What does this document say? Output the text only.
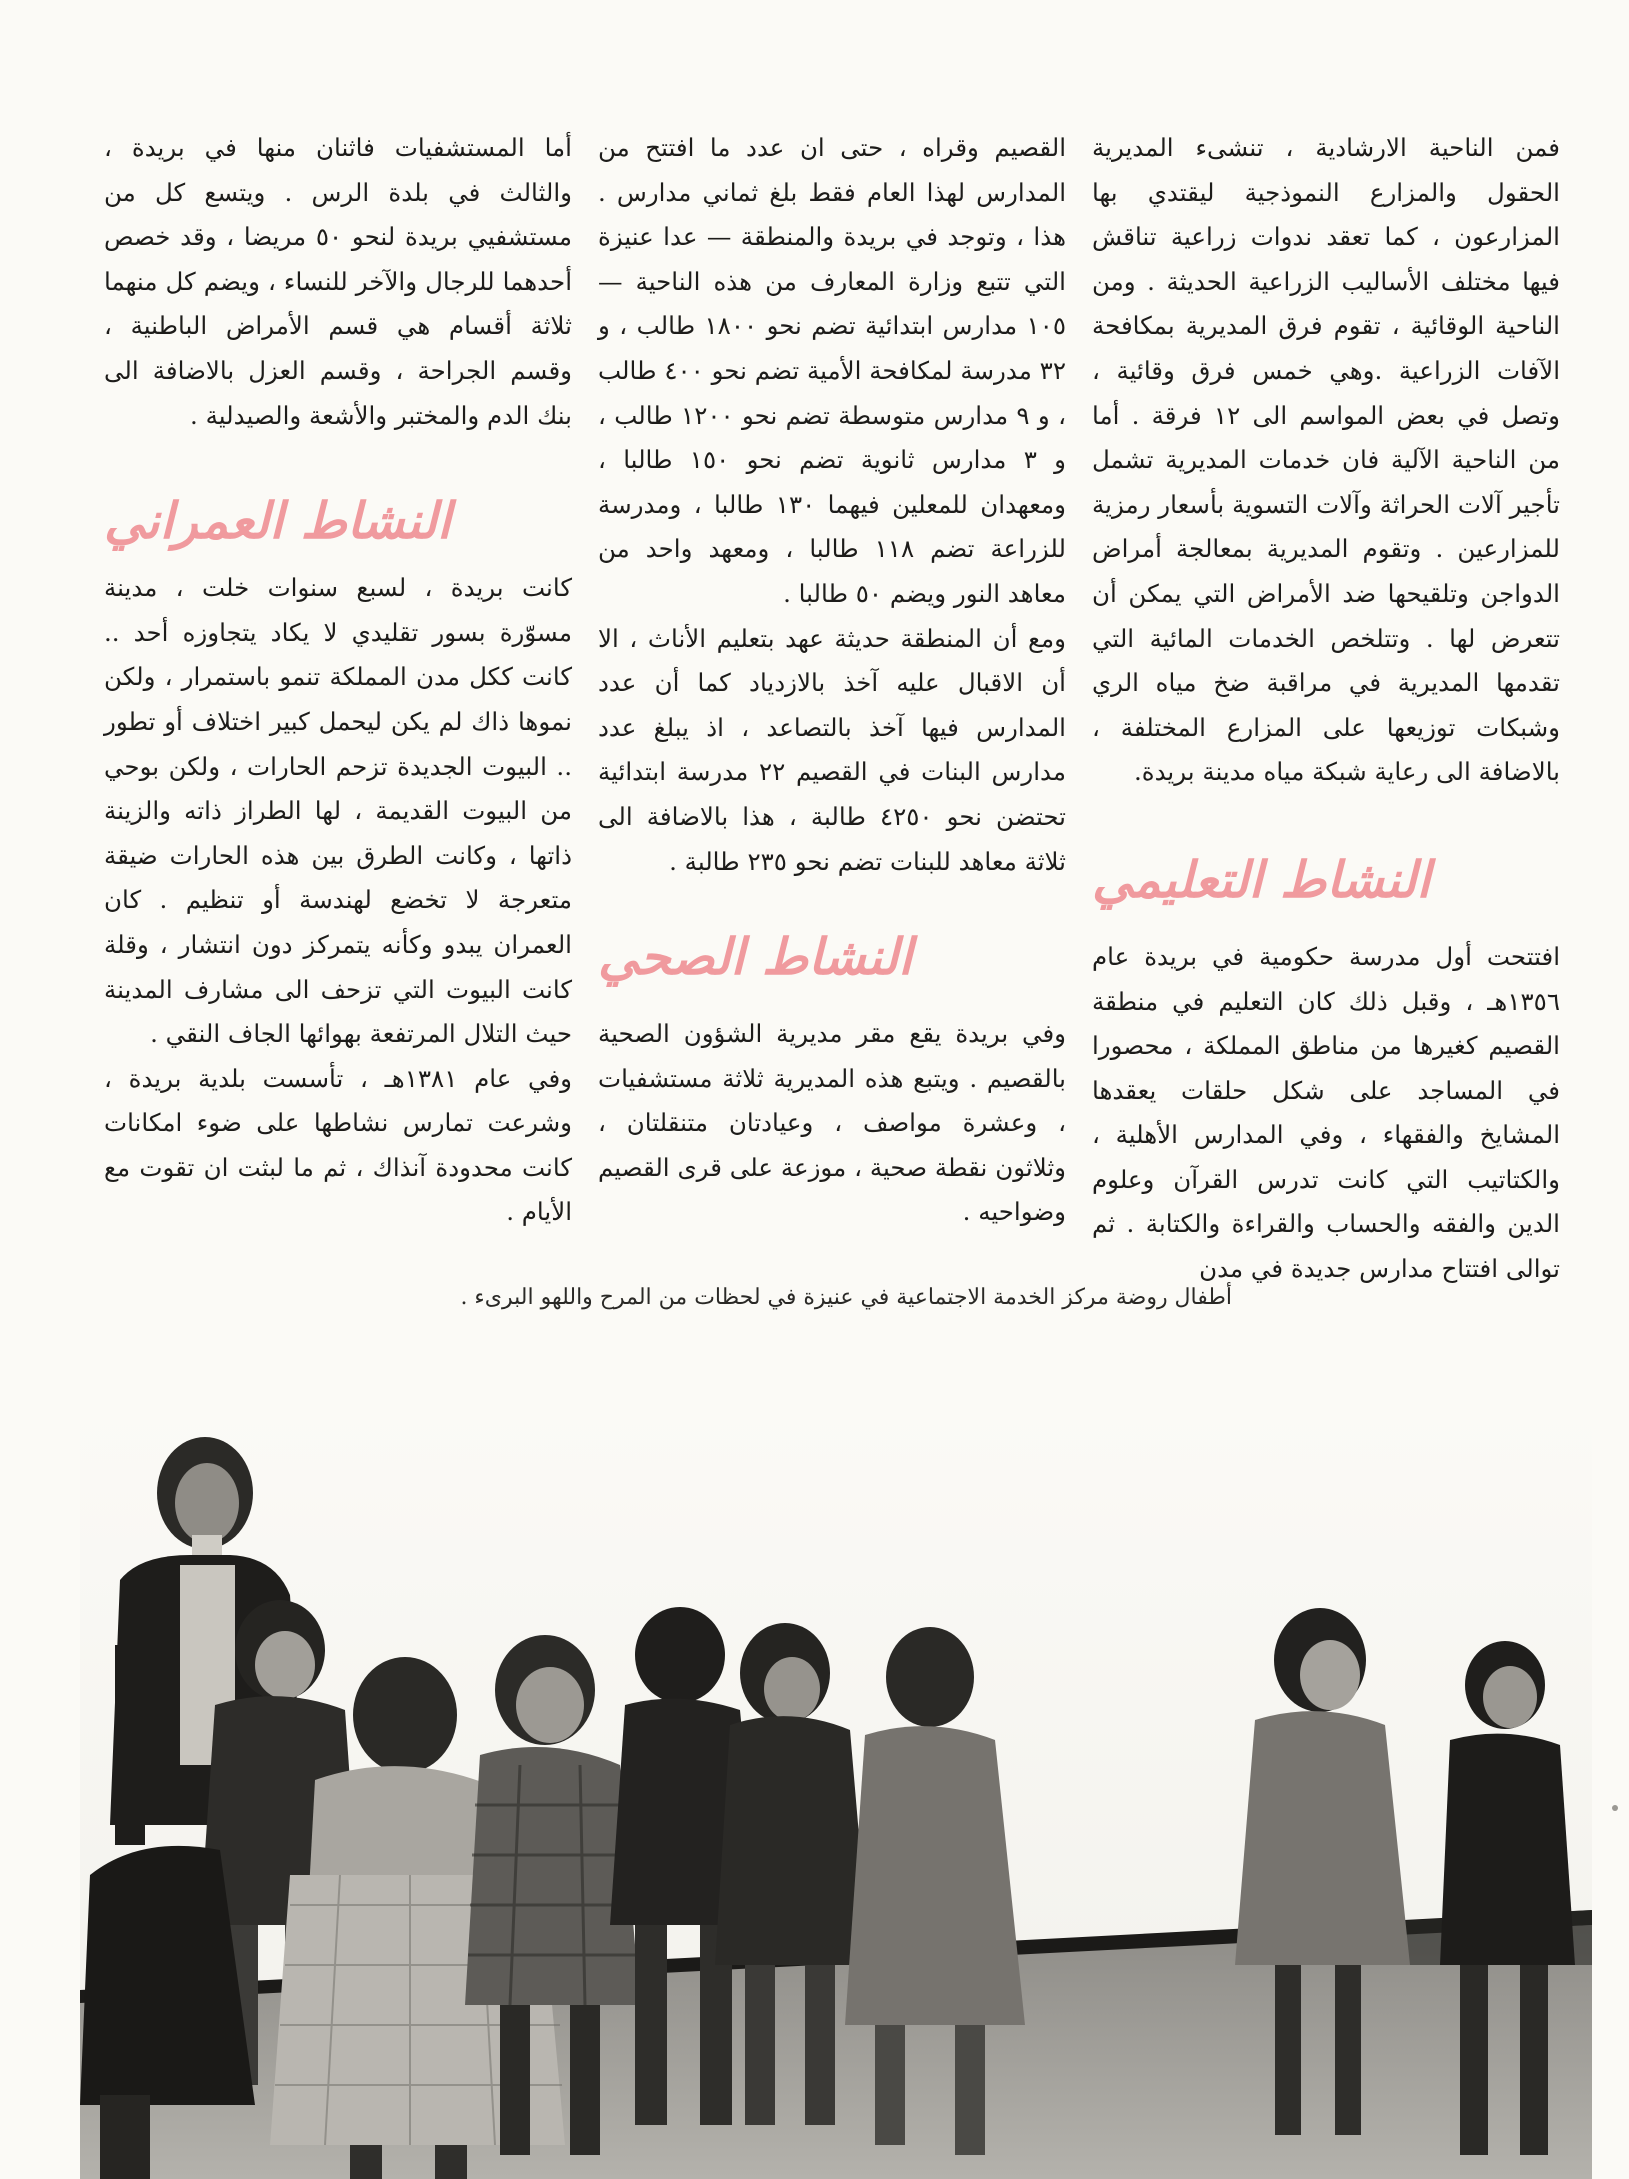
فمن الناحية الارشادية ، تنشىء المديرية الحقول والمزارع النموذجية ليقتدي بها المزارعون ، كما تعقد ندوات زراعية تناقش فيها مختلف الأساليب الزراعية الحديثة . ومن الناحية الوقائية ، تقوم فرق المديرية بمكافحة الآفات الزراعية .وهي خمس فرق وقائية ، وتصل في بعض المواسم الى ١٢ فرقة . أما من الناحية الآلية فان خدمات المديرية تشمل تأجير آلات الحراثة وآلات التسوية بأسعار رمزية للمزارعين . وتقوم المديرية بمعالجة أمراض الدواجن وتلقيحها ضد الأمراض التي يمكن أن تتعرض لها . وتتلخص الخدمات المائية التي تقدمها المديرية في مراقبة ضخ مياه الري وشبكات توزيعها على المزارع المختلفة ، بالاضافة الى رعاية شبكة مياه مدينة بريدة.

النشاط التعليمي

افتتحت أول مدرسة حكومية في بريدة عام ١٣٥٦هـ ، وقبل ذلك كان التعليم في منطقة القصيم كغيرها من مناطق المملكة ، محصورا في المساجد على شكل حلقات يعقدها المشايخ والفقهاء ، وفي المدارس الأهلية ، والكتاتيب التي كانت تدرس القرآن وعلوم الدين والفقه والحساب والقراءة والكتابة . ثم توالى افتتاح مدارس جديدة في مدن

القصيم وقراه ، حتى ان عدد ما افتتح من المدارس لهذا العام فقط بلغ ثماني مدارس . هذا ، وتوجد في بريدة والمنطقة — عدا عنيزة التي تتبع وزارة المعارف من هذه الناحية — ١٠٥ مدارس ابتدائية تضم نحو ١٨٠٠ طالب ، و ٣٢ مدرسة لمكافحة الأمية تضم نحو ٤٠٠ طالب ، و ٩ مدارس متوسطة تضم نحو ١٢٠٠ طالب ، و ٣ مدارس ثانوية تضم نحو ١٥٠ طالبا ، ومعهدان للمعلين فيهما ١٣٠ طالبا ، ومدرسة للزراعة تضم ١١٨ طالبا ، ومعهد واحد من معاهد النور ويضم ٥٠ طالبا .

ومع أن المنطقة حديثة عهد بتعليم الأناث ، الا أن الاقبال عليه آخذ بالازدياد كما أن عدد المدارس فيها آخذ بالتصاعد ، اذ يبلغ عدد مدارس البنات في القصيم ٢٢ مدرسة ابتدائية تحتضن نحو ٤٢٥٠ طالبة ، هذا بالاضافة الى ثلاثة معاهد للبنات تضم نحو ٢٣٥ طالبة .

النشاط الصحي

وفي بريدة يقع مقر مديرية الشؤون الصحية بالقصيم . ويتبع هذه المديرية ثلاثة مستشفيات ، وعشرة مواصف ، وعيادتان متنقلتان ، وثلاثون نقطة صحية ، موزعة على قرى القصيم وضواحيه .

أما المستشفيات فاثنان منها في بريدة ، والثالث في بلدة الرس . ويتسع كل من مستشفيي بريدة لنحو ٥٠ مريضا ، وقد خصص أحدهما للرجال والآخر للنساء ، ويضم كل منهما ثلاثة أقسام هي قسم الأمراض الباطنية ، وقسم الجراحة ، وقسم العزل بالاضافة الى بنك الدم والمختبر والأشعة والصيدلية .

النشاط العمراني

كانت بريدة ، لسبع سنوات خلت ، مدينة مسوّرة بسور تقليدي لا يكاد يتجاوزه أحد .. كانت ككل مدن المملكة تنمو باستمرار ، ولكن نموها ذاك لم يكن ليحمل كبير اختلاف أو تطور .. البيوت الجديدة تزحم الحارات ، ولكن بوحي من البيوت القديمة ، لها الطراز ذاته والزينة ذاتها ، وكانت الطرق بين هذه الحارات ضيقة متعرجة لا تخضع لهندسة أو تنظيم . كان العمران يبدو وكأنه يتمركز دون انتشار ، وقلة كانت البيوت التي تزحف الى مشارف المدينة حيث التلال المرتفعة بهوائها الجاف النقي .

وفي عام ١٣٨١هـ ، تأسست بلدية بريدة ، وشرعت تمارس نشاطها على ضوء امكانات كانت محدودة آنذاك ، ثم ما لبثت ان تقوت مع الأيام .

أطفال روضة مركز الخدمة الاجتماعية في عنيزة في لحظات من المرح واللهو البرىء .
